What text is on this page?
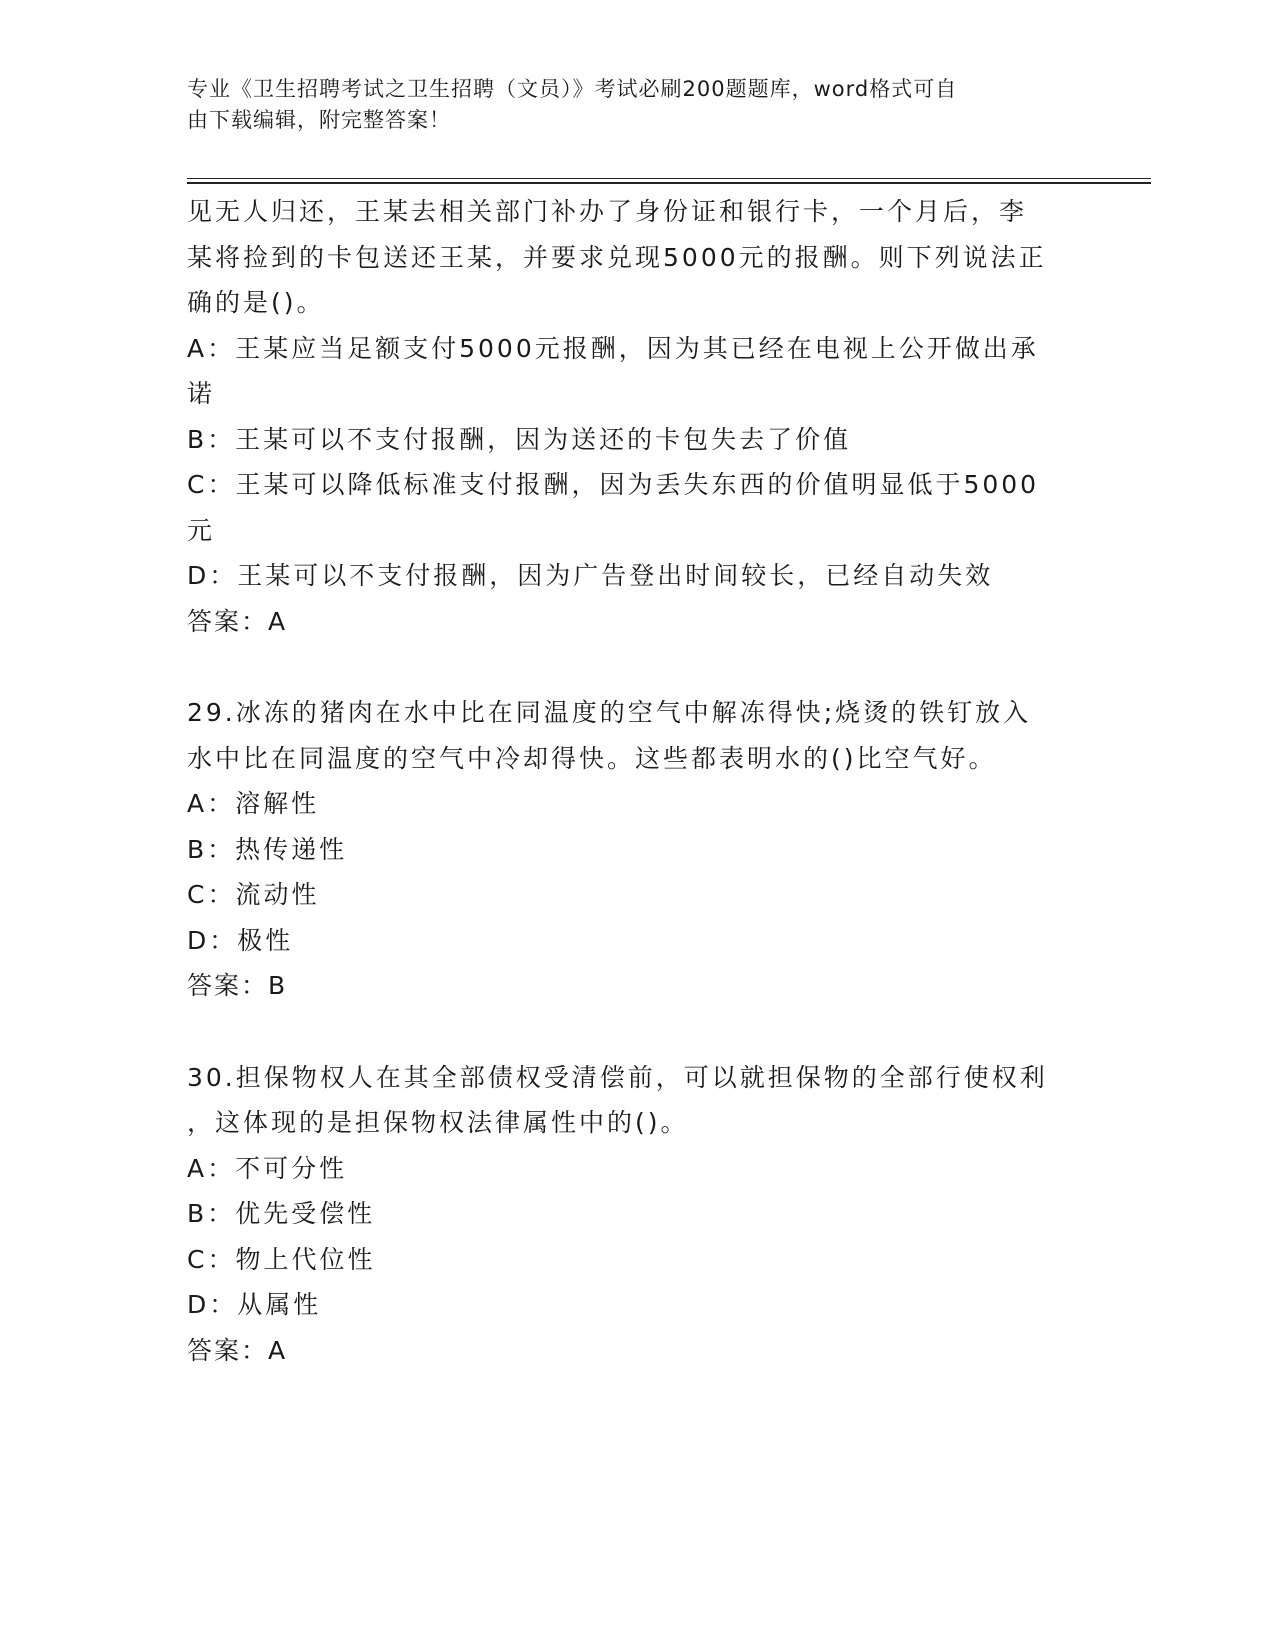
专业《卫生招聘考试之卫生招聘（文员）》考试必刷200题题库，word格式可自
由下载编辑，附完整答案！

见无人归还，王某去相关部门补办了身份证和银行卡，一个月后，李

某将捡到的卡包送还王某，并要求兑现5000元的报酬。则下列说法正

确的是()。

A：王某应当足额支付5000元报酬，因为其已经在电视上公开做出承

诺

B：王某可以不支付报酬，因为送还的卡包失去了价值

C：王某可以降低标准支付报酬，因为丢失东西的价值明显低于5000

元

D：王某可以不支付报酬，因为广告登出时间较长，已经自动失效

答案：A

29.冰冻的猪肉在水中比在同温度的空气中解冻得快;烧烫的铁钉放入

水中比在同温度的空气中冷却得快。这些都表明水的()比空气好。

A：溶解性

B：热传递性

C：流动性

D：极性

答案：B

30.担保物权人在其全部债权受清偿前，可以就担保物的全部行使权利

，这体现的是担保物权法律属性中的()。

A：不可分性

B：优先受偿性

C：物上代位性

D：从属性

答案：A
